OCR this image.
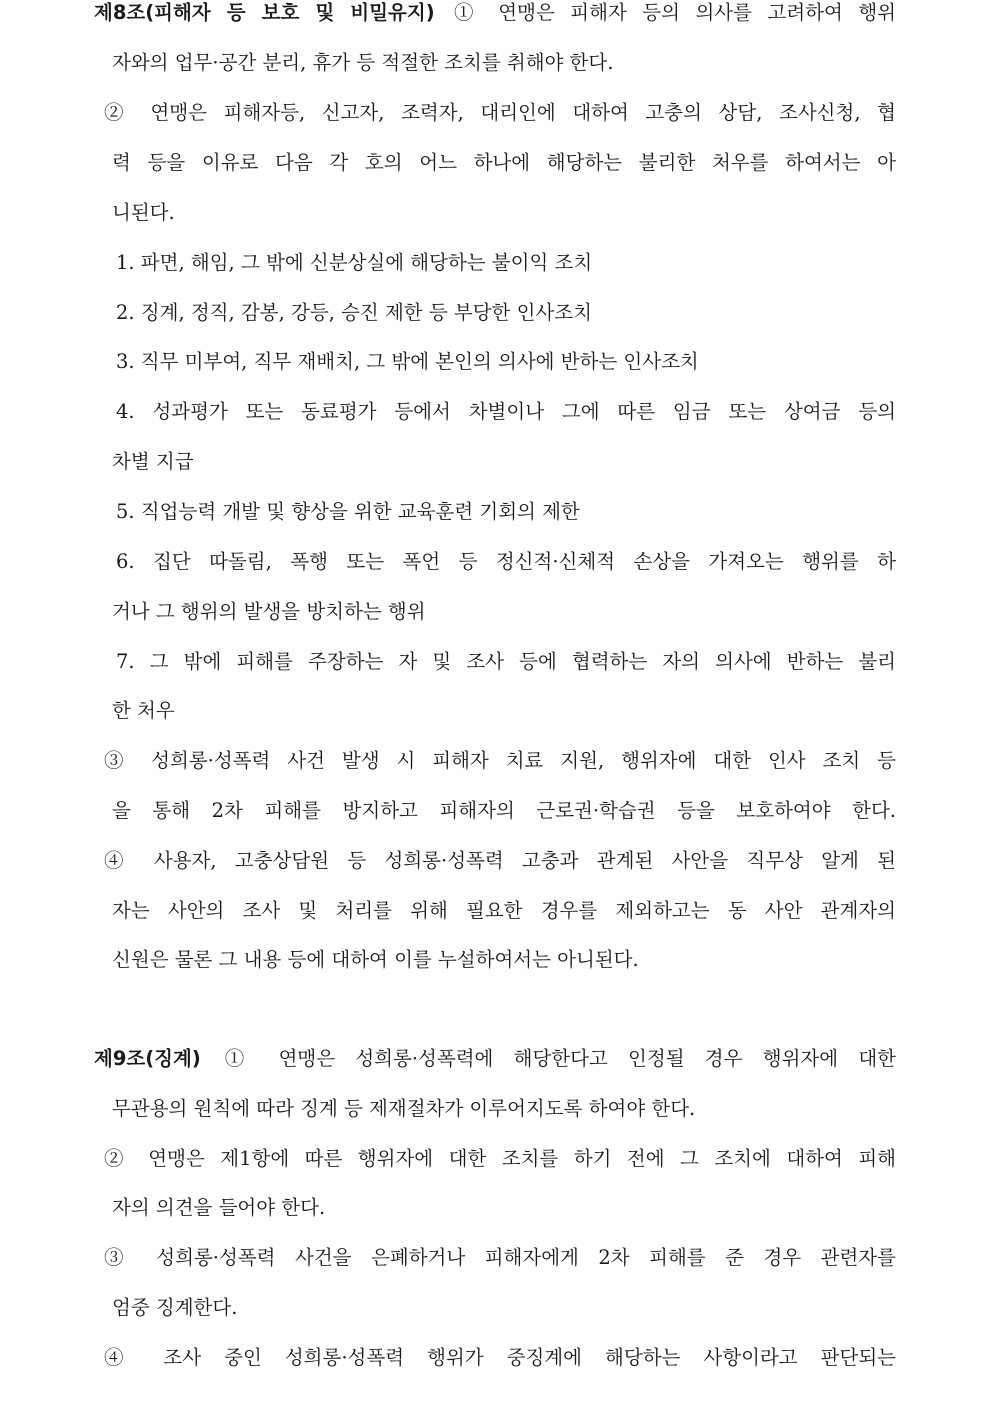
제8조(피해자 등 보호 및 비밀유지) ① 연맹은 피해자 등의 의사를 고려하여 행위
자와의 업무·공간 분리, 휴가 등 적절한 조치를 취해야 한다.
② 연맹은 피해자등, 신고자, 조력자, 대리인에 대하여 고충의 상담, 조사신청, 협
력 등을 이유로 다음 각 호의 어느 하나에 해당하는 불리한 처우를 하여서는 아
니된다.
1. 파면, 해임, 그 밖에 신분상실에 해당하는 불이익 조치
2. 징계, 정직, 감봉, 강등, 승진 제한 등 부당한 인사조치
3. 직무 미부여, 직무 재배치, 그 밖에 본인의 의사에 반하는 인사조치
4. 성과평가 또는 동료평가 등에서 차별이나 그에 따른 임금 또는 상여금 등의
차별 지급
5. 직업능력 개발 및 향상을 위한 교육훈련 기회의 제한
6. 집단 따돌림, 폭행 또는 폭언 등 정신적·신체적 손상을 가져오는 행위를 하
거나 그 행위의 발생을 방치하는 행위
7. 그 밖에 피해를 주장하는 자 및 조사 등에 협력하는 자의 의사에 반하는 불리
한 처우
③ 성희롱·성폭력 사건 발생 시 피해자 치료 지원, 행위자에 대한 인사 조치 등
을 통해 2차 피해를 방지하고 피해자의 근로권·학습권 등을 보호하여야 한다.
④ 사용자, 고충상담원 등 성희롱·성폭력 고충과 관계된 사안을 직무상 알게 된
자는 사안의 조사 및 처리를 위해 필요한 경우를 제외하고는 동 사안 관계자의
신원은 물론 그 내용 등에 대하여 이를 누설하여서는 아니된다.
제9조(징계) ① 연맹은 성희롱·성폭력에 해당한다고 인정될 경우 행위자에 대한
무관용의 원칙에 따라 징계 등 제재절차가 이루어지도록 하여야 한다.
② 연맹은 제1항에 따른 행위자에 대한 조치를 하기 전에 그 조치에 대하여 피해
자의 의견을 들어야 한다.
③ 성희롱·성폭력 사건을 은폐하거나 피해자에게 2차 피해를 준 경우 관련자를
엄중 징계한다.
④ 조사 중인 성희롱·성폭력 행위가 중징계에 해당하는 사항이라고 판단되는
